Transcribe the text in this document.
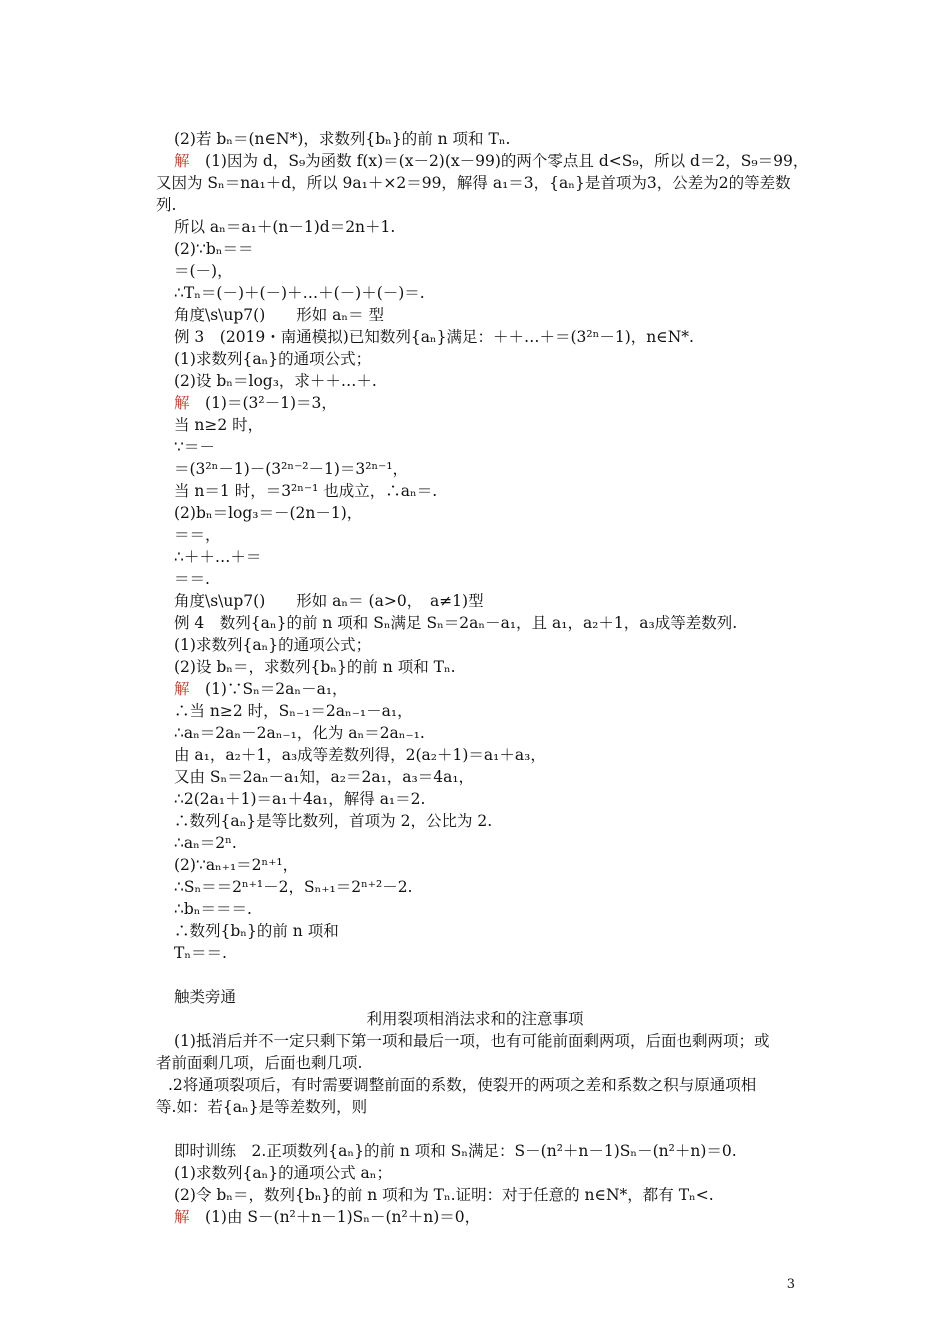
(2)若 bₙ＝(n∈N*)，求数列{bₙ}的前 n 项和 Tₙ.
解　(1)因为 d，S₉为函数 f(x)＝(x－2)(x－99)的两个零点且 d<S₉，所以 d＝2，S₉＝99，
又因为 Sₙ＝na₁＋d，所以 9a₁＋×2＝99，解得 a₁＝3，{aₙ}是首项为3，公差为2的等差数
列.
所以 aₙ＝a₁＋(n－1)d＝2n＋1.
(2)∵bₙ＝＝
＝(－)，
∴Tₙ＝(－)＋(－)＋…＋(－)＋(－)＝.
角度\s\up7()　　形如 aₙ＝ 型
例 3　(2019・南通模拟)已知数列{aₙ}满足：＋＋…＋＝(3²ⁿ－1)，n∈N*.
(1)求数列{aₙ}的通项公式；
(2)设 bₙ＝log₃，求＋＋…＋.
解　(1)＝(3²－1)＝3，
当 n≥2 时，
∵＝－
＝(3²ⁿ－1)－(3²ⁿ⁻²－1)＝3²ⁿ⁻¹，
当 n＝1 时，＝3²ⁿ⁻¹ 也成立，∴aₙ＝.
(2)bₙ＝log₃＝－(2n－1)，
＝＝，
∴＋＋…＋＝
＝＝.
角度\s\up7()　　形如 aₙ＝ (a>0，　a≠1)型
例 4　数列{aₙ}的前 n 项和 Sₙ满足 Sₙ＝2aₙ－a₁，且 a₁，a₂＋1，a₃成等差数列.
(1)求数列{aₙ}的通项公式；
(2)设 bₙ＝，求数列{bₙ}的前 n 项和 Tₙ.
解　(1)∵Sₙ＝2aₙ－a₁，
∴当 n≥2 时，Sₙ₋₁＝2aₙ₋₁－a₁，
∴aₙ＝2aₙ－2aₙ₋₁，化为 aₙ＝2aₙ₋₁.
由 a₁，a₂＋1，a₃成等差数列得，2(a₂＋1)＝a₁＋a₃，
又由 Sₙ＝2aₙ－a₁知，a₂＝2a₁，a₃＝4a₁，
∴2(2a₁＋1)＝a₁＋4a₁，解得 a₁＝2.
∴数列{aₙ}是等比数列，首项为 2，公比为 2.
∴aₙ＝2ⁿ.
(2)∵aₙ₊₁＝2ⁿ⁺¹，
∴Sₙ＝＝2ⁿ⁺¹－2，Sₙ₊₁＝2ⁿ⁺²－2.
∴bₙ＝＝＝.
∴数列{bₙ}的前 n 项和
Tₙ＝＝.
触类旁通
(1)抵消后并不一定只剩下第一项和最后一项，也有可能前面剩两项，后面也剩两项；或
者前面剩几项，后面也剩几项.
.2将通项裂项后，有时需要调整前面的系数，使裂开的两项之差和系数之积与原通项相
等.如：若{aₙ}是等差数列，则
即时训练　2.正项数列{aₙ}的前 n 项和 Sₙ满足：S－(n²＋n－1)Sₙ－(n²＋n)＝0.
(1)求数列{aₙ}的通项公式 aₙ；
(2)令 bₙ＝，数列{bₙ}的前 n 项和为 Tₙ.证明：对于任意的 n∈N*，都有 Tₙ<.
解　(1)由 S－(n²＋n－1)Sₙ－(n²＋n)＝0，
利用裂项相消法求和的注意事项
3
